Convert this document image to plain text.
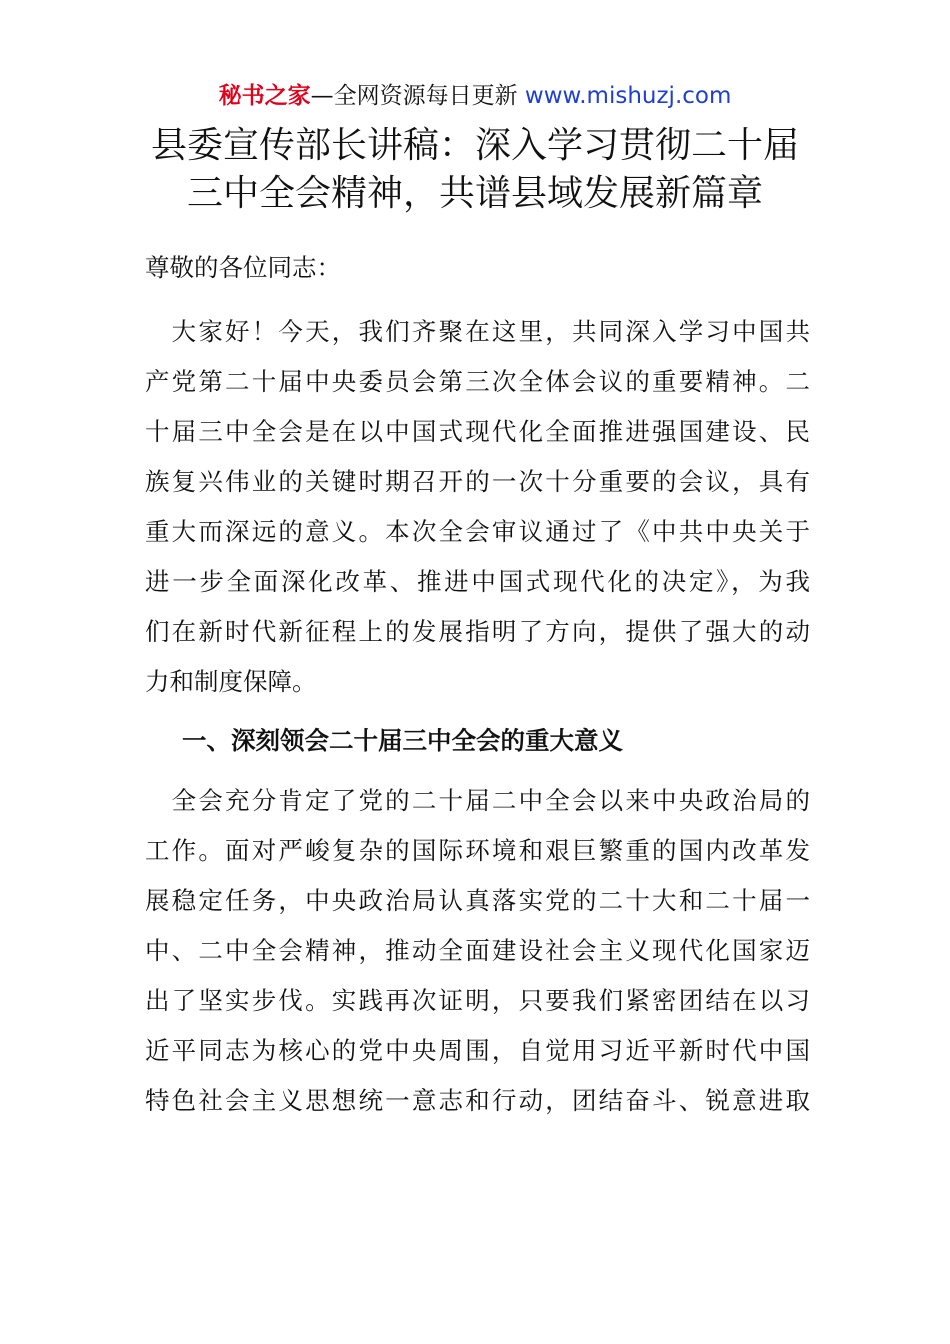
秘书之家—全网资源每日更新 www.mishuzj.com
县委宣传部长讲稿：深入学习贯彻二十届
三中全会精神，共谱县域发展新篇章
尊敬的各位同志：
　大家好！今天，我们齐聚在这里，共同深入学习中国共
产党第二十届中央委员会第三次全体会议的重要精神。二
十届三中全会是在以中国式现代化全面推进强国建设、民
族复兴伟业的关键时期召开的一次十分重要的会议，具有
重大而深远的意义。本次全会审议通过了《中共中央关于
进一步全面深化改革、推进中国式现代化的决定》，为我
们在新时代新征程上的发展指明了方向，提供了强大的动
力和制度保障。
一、深刻领会二十届三中全会的重大意义
　全会充分肯定了党的二十届二中全会以来中央政治局的
工作。面对严峻复杂的国际环境和艰巨繁重的国内改革发
展稳定任务，中央政治局认真落实党的二十大和二十届一
中、二中全会精神，推动全面建设社会主义现代化国家迈
出了坚实步伐。实践再次证明，只要我们紧密团结在以习
近平同志为核心的党中央周围，自觉用习近平新时代中国
特色社会主义思想统一意志和行动，团结奋斗、锐意进取
